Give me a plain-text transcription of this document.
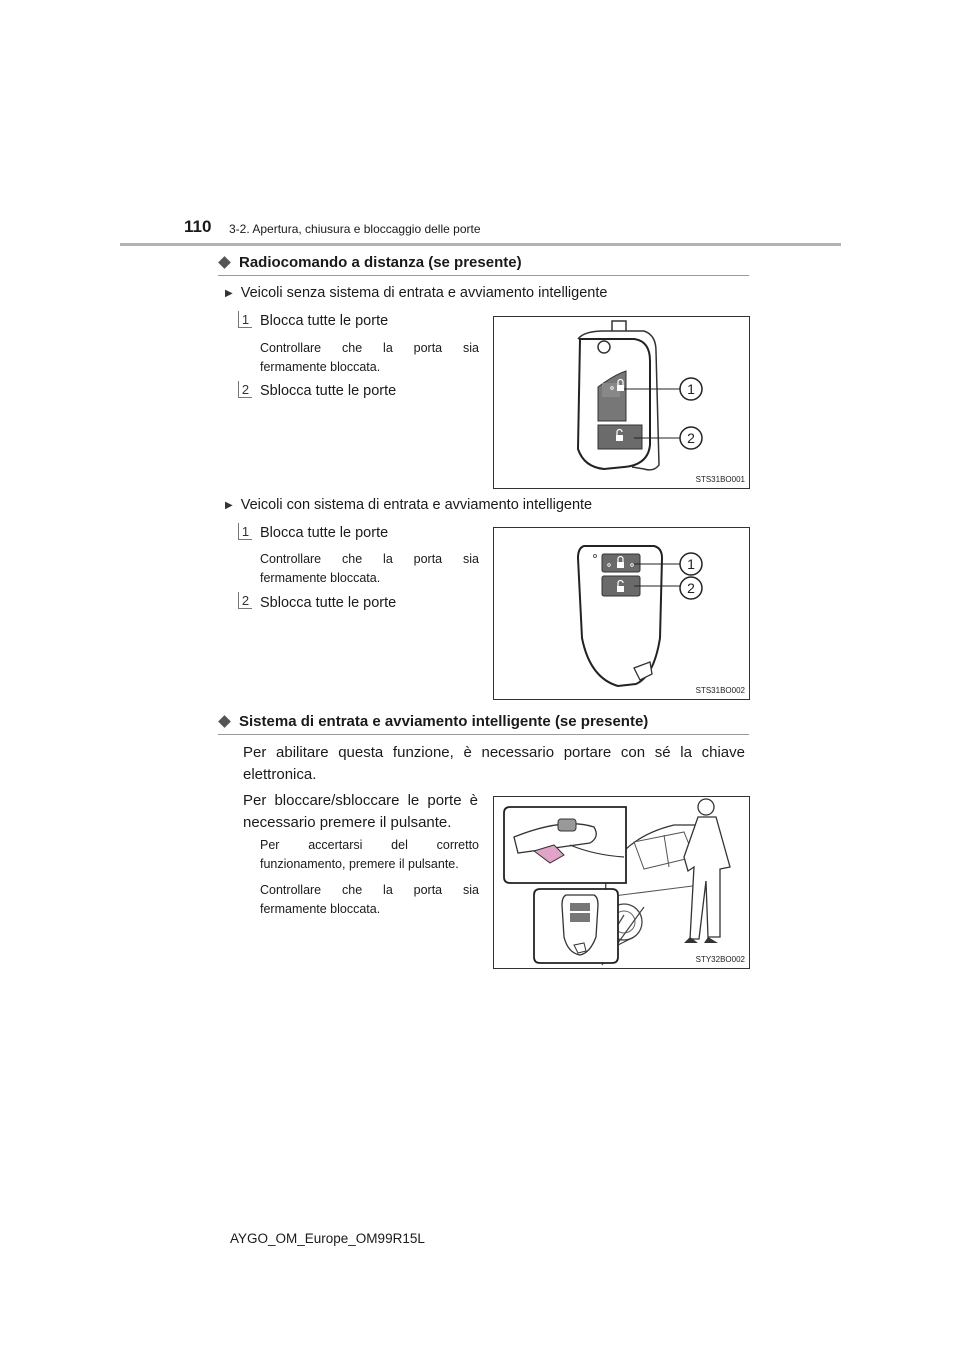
110 3-2. Apertura, chiusura e bloccaggio delle porte
Radiocomando a distanza (se presente)
▶ Veicoli senza sistema di entrata e avviamento intelligente
1 Blocca tutte le porte
Controllare che la porta sia fermamente bloccata.
2 Sblocca tutte le porte	1
2
STS31BO001
▶ Veicoli con sistema di entrata e avviamento intelligente
1 Blocca tutte le porte
Controllare che la porta sia fermamente bloccata.
2 Sblocca tutte le porte
1
2
STS31BO002
Sistema di entrata e avviamento intelligente (se presente)
Per abilitare questa funzione, è necessario portare con sé la chiave elettronica.
Per bloccare/sbloccare le porte è necessario premere il pulsante.
Per accertarsi del corretto funzionamento, premere il pulsante.
Controllare che la porta sia fermamente bloccata.
STY32BO002
AYGO_OM_Europe_OM99R15L
